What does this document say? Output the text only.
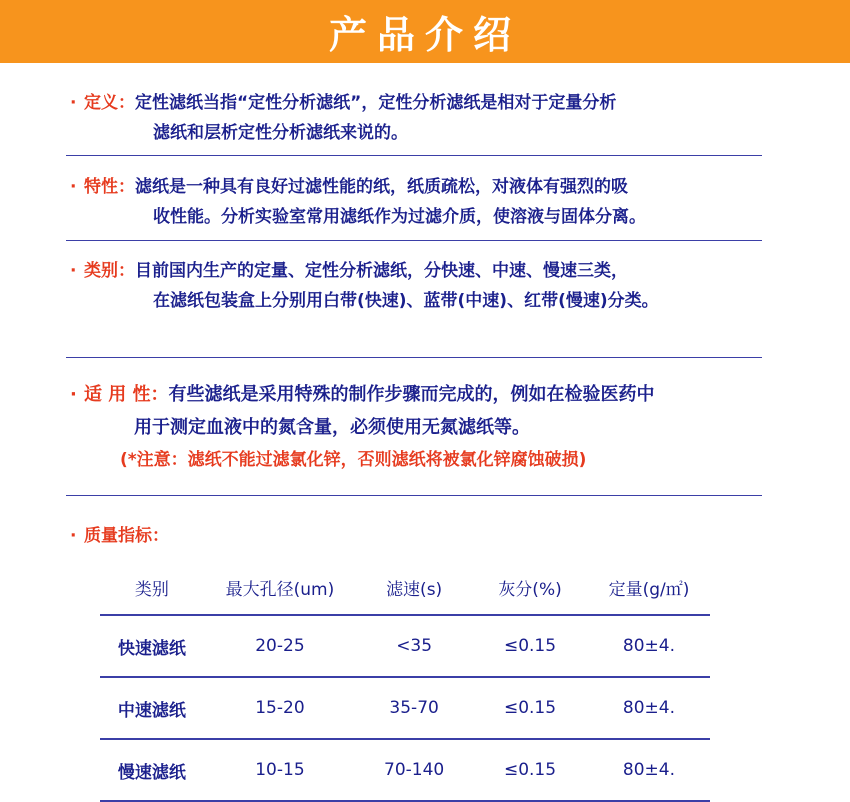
产品介绍
· 定义： 定性滤纸当指“定性分析滤纸”，定性分析滤纸是相对于定量分析
滤纸和层析定性分析滤纸来说的。
· 特性： 滤纸是一种具有良好过滤性能的纸，纸质疏松，对液体有强烈的吸
收性能。分析实验室常用滤纸作为过滤介质，使溶液与固体分离。
· 类别： 目前国内生产的定量、定性分析滤纸，分快速、中速、慢速三类，
在滤纸包装盒上分别用白带(快速)、蓝带(中速)、红带(慢速)分类。
· 适 用 性： 有些滤纸是采用特殊的制作步骤而完成的，例如在检验医药中
用于测定血液中的氮含量，必须使用无氮滤纸等。
(*注意：滤纸不能过滤氯化锌，否则滤纸将被氯化锌腐蚀破损)
· 质量指标：
类别	最大孔径(um)	滤速(s)	灰分(%)	定量(g/㎡)
快速滤纸	20-25	<35	≤0.15	80±4.
中速滤纸	15-20	35-70	≤0.15	80±4.
慢速滤纸	10-15	70-140	≤0.15	80±4.
